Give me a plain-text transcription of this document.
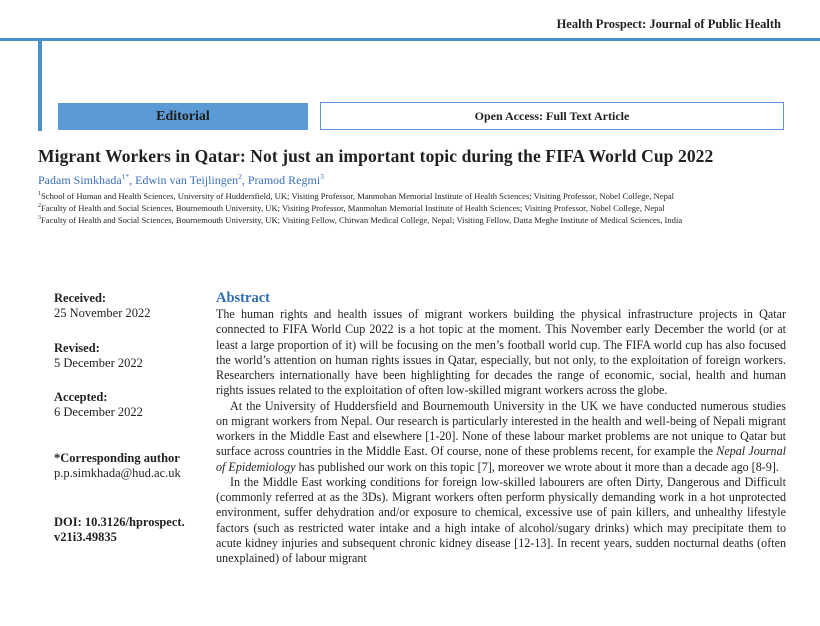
Health Prospect: Journal of Public Health
Editorial	Open Access: Full Text Article
Migrant Workers in Qatar: Not just an important topic during the FIFA World Cup 2022
Padam Simkhada$^{1*}$, Edwin van Teijlingen$^2$, Pramod Regmi$^3$

$^1$School of Human and Health Sciences, University of Huddersfield, UK; Visiting Professor, Manmohan Memorial Institute of Health Sciences; Visiting Professor, Nobel College, Nepal

$^2$Faculty of Health and Social Sciences, Bournemouth University, UK; Visiting Professor, Manmohan Memorial Institute of Health Sciences; Visiting Professor, Nobel College, Nepal

$^3$Faculty of Health and Social Sciences, Bournemouth University, UK; Visiting Fellow, Chitwan Medical College, Nepal; Visiting Fellow, Datta Meghe Institute of Medical Sciences, India

Received:
25 November 2022
Revised:
5 December 2022
Accepted:
6 December 2022
*Corresponding author
p.p.simkhada@hud.ac.uk
DOI: 10.3126/hprospect.
v21i3.49835
Abstract

The human rights and health issues of migrant workers building the physical infrastructure projects in Qatar connected to FIFA World Cup 2022 is a hot topic at the moment. This November early December the world (or at least a large proportion of it) will be focusing on the men’s football world cup. The FIFA world cup has also focused the world’s attention on human rights issues in Qatar, especially, but not only, to the exploitation of foreign workers. Researchers internationally have been highlighting for decades the range of economic, social, health and human rights issues related to the exploitation of often low-skilled migrant workers across the globe.

At the University of Huddersfield and Bournemouth University in the UK we have conducted numerous studies on migrant workers from Nepal. Our research is particularly interested in the health and well-being of Nepali migrant workers in the Middle East and elsewhere [1-20]. None of these labour market problems are not unique to Qatar but surface across countries in the Middle East. Of course, none of these problems recent, for example the Nepal Journal of Epidemiology has published our work on this topic [7], moreover we wrote about it more than a decade ago [8-9].

In the Middle East working conditions for foreign low-skilled labourers are often Dirty, Dangerous and Difficult (commonly referred at as the 3Ds). Migrant workers often perform physically demanding work in a hot unprotected environment, suffer dehydration and/or exposure to chemical, excessive use of pain killers, and unhealthy lifestyle factors (such as restricted water intake and a high intake of alcohol/sugary drinks) which may precipitate them to acute kidney injuries and subsequent chronic kidney disease [12-13]. In recent years, sudden nocturnal deaths (often unexplained) of labour migrant
